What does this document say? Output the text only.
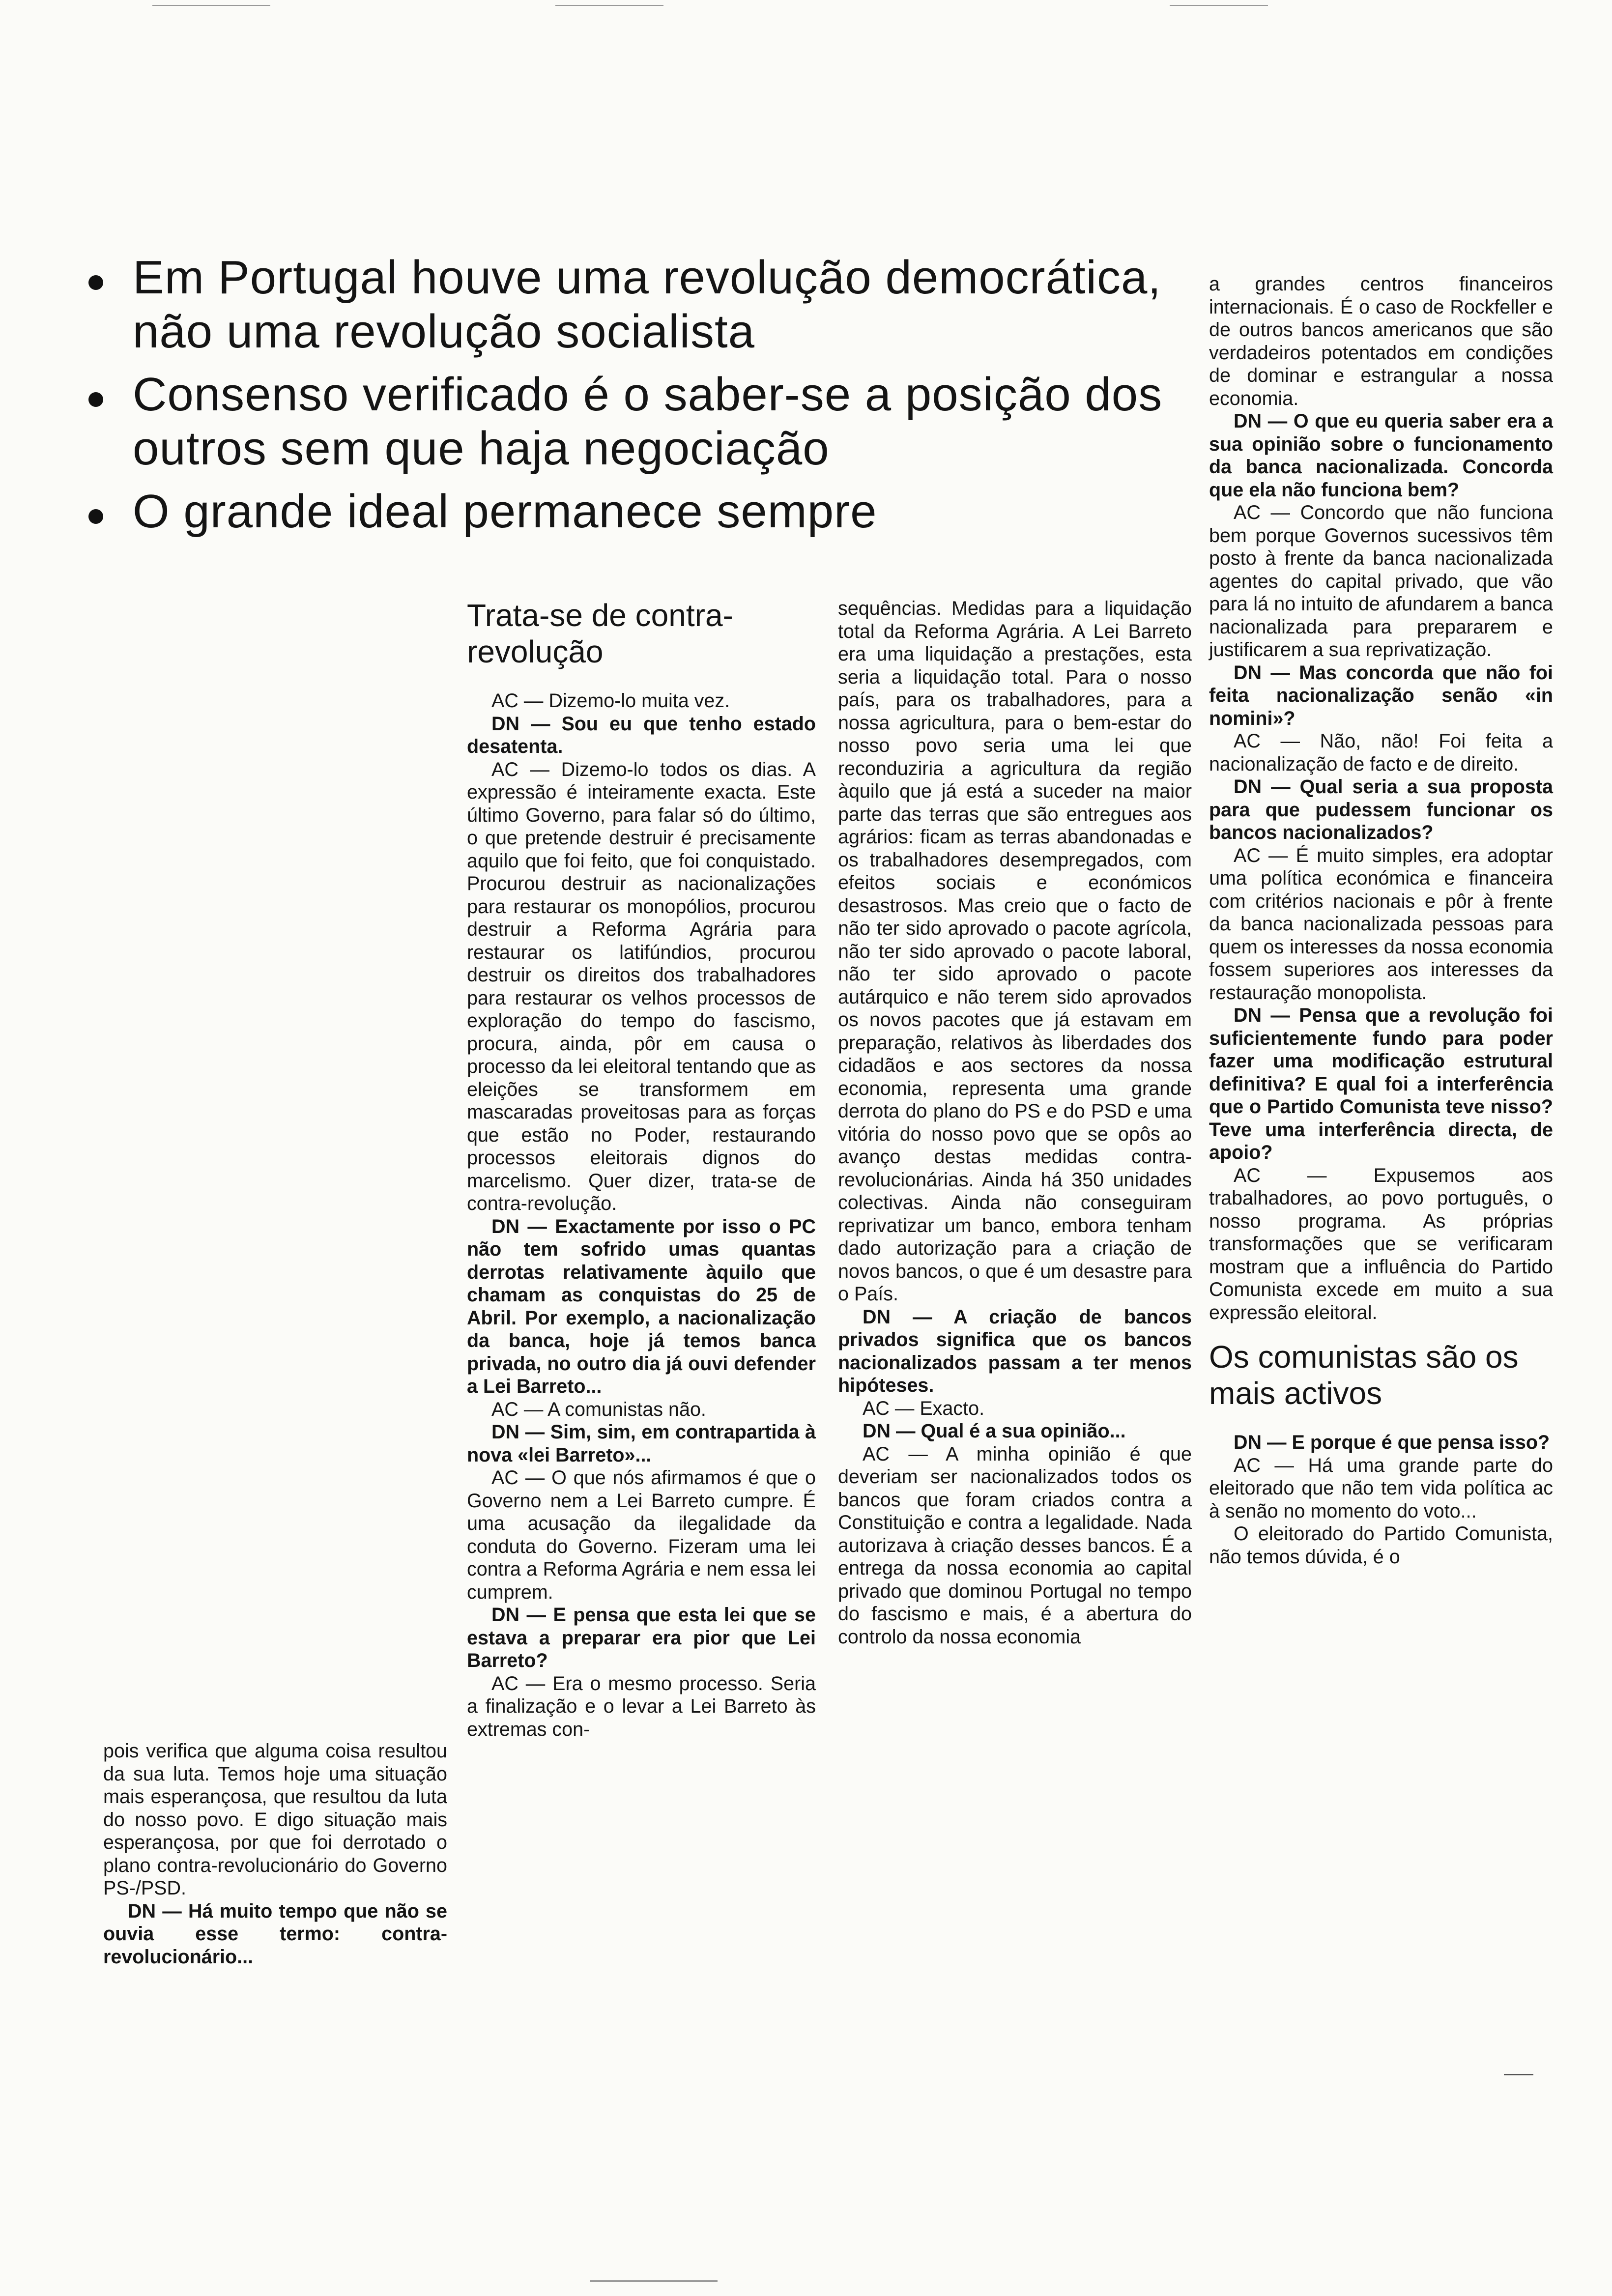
Em Portugal houve uma revolução democrática, não uma revolução socialista
Consenso verificado é o saber-se a posição dos outros sem que haja negociação
O grande ideal permanece sempre

pois verifica que alguma coisa resultou da sua luta. Temos hoje uma situação mais esperançosa, que resultou da luta do nosso povo. E digo situação mais esperançosa, por que foi derrotado o plano contra-revolucionário do Governo PS-/PSD.

DN — Há muito tempo que não se ouvia esse termo: contra-revolucionário...

Trata-se de contra-revolução

AC — Dizemo-lo muita vez.

DN — Sou eu que tenho estado desatenta.

AC — Dizemo-lo todos os dias. A expressão é inteiramente exacta. Este último Governo, para falar só do último, o que pretende destruir é precisamente aquilo que foi feito, que foi conquistado. Procurou destruir as nacionalizações para restaurar os monopólios, procurou destruir a Reforma Agrária para restaurar os latifúndios, procurou destruir os direitos dos trabalhadores para restaurar os velhos processos de exploração do tempo do fascismo, procura, ainda, pôr em causa o processo da lei eleitoral tentando que as eleições se transformem em mascaradas proveitosas para as forças que estão no Poder, restaurando processos eleitorais dignos do marcelismo. Quer dizer, trata-se de contra-revolução.

DN — Exactamente por isso o PC não tem sofrido umas quantas derrotas relativamente àquilo que chamam as conquistas do 25 de Abril. Por exemplo, a nacionalização da banca, hoje já temos banca privada, no outro dia já ouvi defender a Lei Barreto...

AC — A comunistas não.

DN — Sim, sim, em contrapartida à nova «lei Barreto»...

AC — O que nós afirmamos é que o Governo nem a Lei Barreto cumpre. É uma acusação da ilegalidade da conduta do Governo. Fizeram uma lei contra a Reforma Agrária e nem essa lei cumprem.

DN — E pensa que esta lei que se estava a preparar era pior que Lei Barreto?

AC — Era o mesmo processo. Seria a finalização e o levar a Lei Barreto às extremas con-

sequências. Medidas para a liquidação total da Reforma Agrária. A Lei Barreto era uma liquidação a prestações, esta seria a liquidação total. Para o nosso país, para os trabalhadores, para a nossa agricultura, para o bem-estar do nosso povo seria uma lei que reconduziria a agricultura da região àquilo que já está a suceder na maior parte das terras que são entregues aos agrários: ficam as terras abandonadas e os trabalhadores desempregados, com efeitos sociais e económicos desastrosos. Mas creio que o facto de não ter sido aprovado o pacote agrícola, não ter sido aprovado o pacote laboral, não ter sido aprovado o pacote autárquico e não terem sido aprovados os novos pacotes que já estavam em preparação, relativos às liberdades dos cidadãos e aos sectores da nossa economia, representa uma grande derrota do plano do PS e do PSD e uma vitória do nosso povo que se opôs ao avanço destas medidas contra-revolucionárias. Ainda há 350 unidades colectivas. Ainda não conseguiram reprivatizar um banco, embora tenham dado autorização para a criação de novos bancos, o que é um desastre para o País.

DN — A criação de bancos privados significa que os bancos nacionalizados passam a ter menos hipóteses.

AC — Exacto.

DN — Qual é a sua opinião...

AC — A minha opinião é que deveriam ser nacionalizados todos os bancos que foram criados contra a Constituição e contra a legalidade. Nada autorizava à criação desses bancos. É a entrega da nossa economia ao capital privado que dominou Portugal no tempo do fascismo e mais, é a abertura do controlo da nossa economia

a grandes centros financeiros internacionais. É o caso de Rockfeller e de outros bancos americanos que são verdadeiros potentados em condições de dominar e estrangular a nossa economia.

DN — O que eu queria saber era a sua opinião sobre o funcionamento da banca nacionalizada. Concorda que ela não funciona bem?

AC — Concordo que não funciona bem porque Governos sucessivos têm posto à frente da banca nacionalizada agentes do capital privado, que vão para lá no intuito de afundarem a banca nacionalizada para prepararem e justificarem a sua reprivatização.

DN — Mas concorda que não foi feita nacionalização senão «in nomini»?

AC — Não, não! Foi feita a nacionalização de facto e de direito.

DN — Qual seria a sua proposta para que pudessem funcionar os bancos nacionalizados?

AC — É muito simples, era adoptar uma política económica e financeira com critérios nacionais e pôr à frente da banca nacionalizada pessoas para quem os interesses da nossa economia fossem superiores aos interesses da restauração monopolista.

DN — Pensa que a revolução foi suficientemente fundo para poder fazer uma modificação estrutural definitiva? E qual foi a interferência que o Partido Comunista teve nisso? Teve uma interferência directa, de apoio?

AC — Expusemos aos trabalhadores, ao povo português, o nosso programa. As próprias transformações que se verificaram mostram que a influência do Partido Comunista excede em muito a sua expressão eleitoral.

Os comunistas são os mais activos

DN — E porque é que pensa isso?

AC — Há uma grande parte do eleitorado que não tem vida política ac à senão no momento do voto...

O eleitorado do Partido Comunista, não temos dúvida, é o
